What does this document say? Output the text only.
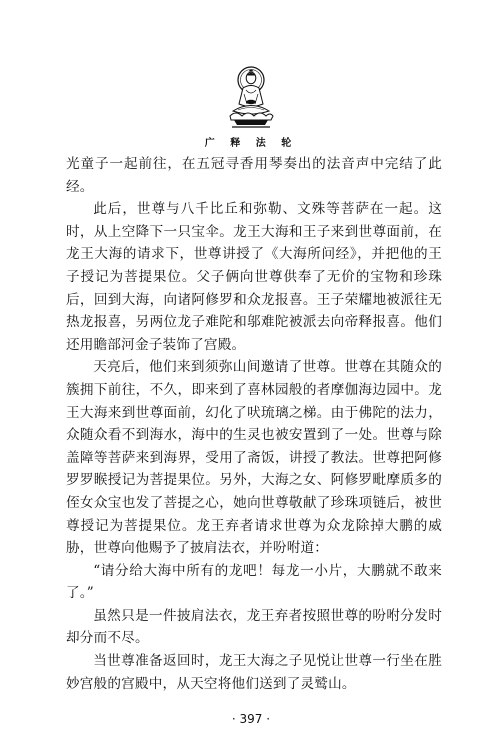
广 释 法 轮

光童子一起前往，在五冠寻香用琴奏出的法音声中完结了此经。

此后，世尊与八千比丘和弥勒、文殊等菩萨在一起。这时，从上空降下一只宝伞。龙王大海和王子来到世尊面前，在龙王大海的请求下，世尊讲授了《大海所问经》，并把他的王子授记为菩提果位。父子俩向世尊供奉了无价的宝物和珍珠后，回到大海，向诸阿修罗和众龙报喜。王子荣耀地被派往无热龙报喜，另两位龙子难陀和邬难陀被派去向帝释报喜。他们还用瞻部河金子装饰了宫殿。

天亮后，他们来到须弥山间邀请了世尊。世尊在其随众的簇拥下前往，不久，即来到了喜林园般的者摩伽海边园中。龙王大海来到世尊面前，幻化了吠琉璃之梯。由于佛陀的法力，众随众看不到海水，海中的生灵也被安置到了一处。世尊与除盖障等菩萨来到海界，受用了斋饭，讲授了教法。世尊把阿修罗罗睺授记为菩提果位。另外，大海之女、阿修罗毗摩质多的侄女众宝也发了菩提之心，她向世尊敬献了珍珠项链后，被世尊授记为菩提果位。龙王弃者请求世尊为众龙除掉大鹏的威胁，世尊向他赐予了披肩法衣，并吩咐道：

“请分给大海中所有的龙吧！每龙一小片，大鹏就不敢来了。”

虽然只是一件披肩法衣，龙王弃者按照世尊的吩咐分发时却分而不尽。

当世尊准备返回时，龙王大海之子见悦让世尊一行坐在胜妙宫般的宫殿中，从天空将他们送到了灵鹫山。

· 397 ·
